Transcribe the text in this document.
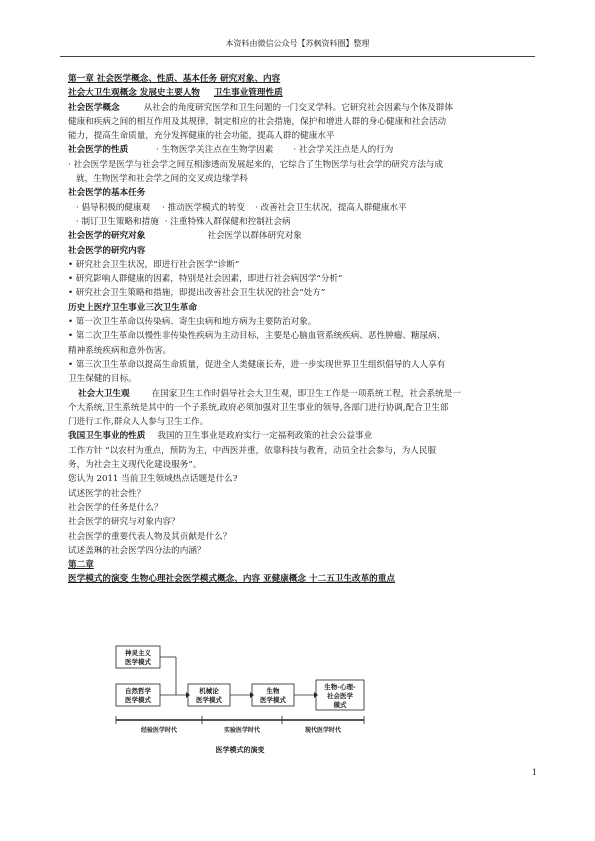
本资料由微信公众号【苏枫资料圈】整理
第一章 社会医学概念、性质、基本任务 研究对象、内容
社会大卫生观概念 发展史主要人物 卫生事业管理性质
社会医学概念	从社会的角度研究医学和卫生问题的一门交叉学科。它研究社会因素与个体及群体
健康和疾病之间的相互作用及其规律，制定相应的社会措施，保护和增进人群的身心健康和社会活动
能力，提高生命质量，充分发挥健康的社会功能，提高人群的健康水平
社会医学的性质	· 生物医学关注点在生物学因素 · 社会学关注点是人的行为
· 社会医学是医学与社会学之间互相渗透而发展起来的，它综合了生物医学与社会学的研究方法与成
就，生物医学和社会学之间的交叉或边缘学科
社会医学的基本任务
· 倡导积极的健康观 · 推动医学模式的转变 · 改善社会卫生状况，提高人群健康水平
· 制订卫生策略和措施 · 注重特殊人群保健和控制社会病
社会医学的研究对象	社会医学以群体研究对象
社会医学的研究内容
• 研究社会卫生状况，即进行社会医学“诊断”
• 研究影响人群健康的因素，特别是社会因素，即进行社会病因学“分析”
• 研究社会卫生策略和措施，即提出改善社会卫生状况的社会“处方”
历史上医疗卫生事业三次卫生革命
• 第一次卫生革命以传染病、寄生虫病和地方病为主要防治对象。
• 第二次卫生革命以慢性非传染性疾病为主动目标，主要是心脑血管系统疾病、恶性肿瘤、糖尿病、
精神系统疾病和意外伤害。
• 第三次卫生革命以提高生命质量，促进全人类健康长寿，进一步实现世界卫生组织倡导的人人享有
卫生保健的目标。
社会大卫生观	在国家卫生工作时倡导社会大卫生观，即卫生工作是一项系统工程，社会系统是一
个大系统,卫生系统是其中的一个子系统,政府必须加强对卫生事业的领导,各部门进行协调,配合卫生部
门进行工作,群众人人参与卫生工作。
我国卫生事业的性质 我国的卫生事业是政府实行一定福利政策的社会公益事业
工作方针 “以农村为重点，预防为主，中西医并重，依靠科技与教育，动员全社会参与，为人民服
务，为社会主义现代化建设服务”。
您认为 2011 当前卫生领域热点话题是什么?
试述医学的社会性？
社会医学的任务是什么？
社会医学的研究与对象内容？
社会医学的重要代表人物及其贡献是什么？
试述盖琳的社会医学四分法的内涵？
第二章
医学模式的演变 生物心理社会医学模式概念、内容 亚健康概念 十二五卫生改革的重点
神灵主义
医学模式
自然哲学
医学模式
机械论
医学模式
生物
医学模式
生物-心理-
社会医学
模式
经验医学时代	实验医学时代	现代医学时代
医学模式的演变
1
